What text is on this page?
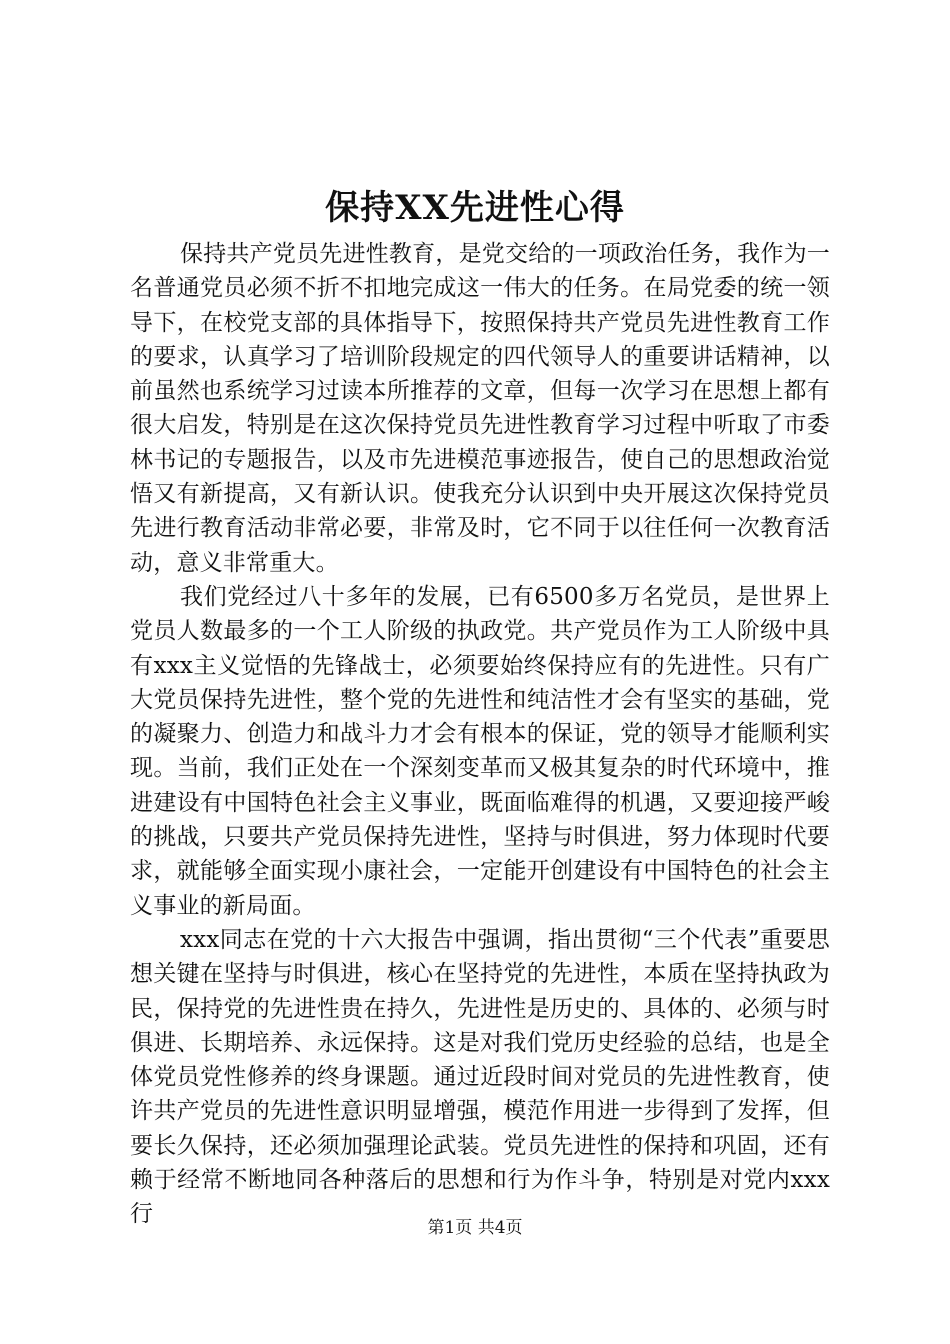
保持XX先进性心得

保持共产党员先进性教育，是党交给的一项政治任务，我作为一名普通党员必须不折不扣地完成这一伟大的任务。在局党委的统一领导下，在校党支部的具体指导下，按照保持共产党员先进性教育工作的要求，认真学习了培训阶段规定的四代领导人的重要讲话精神，以前虽然也系统学习过读本所推荐的文章，但每一次学习在思想上都有很大启发，特别是在这次保持党员先进性教育学习过程中听取了市委林书记的专题报告，以及市先进模范事迹报告，使自己的思想政治觉悟又有新提高，又有新认识。使我充分认识到中央开展这次保持党员先进行教育活动非常必要，非常及时，它不同于以往任何一次教育活动，意义非常重大。

我们党经过八十多年的发展，已有6500多万名党员，是世界上党员人数最多的一个工人阶级的执政党。共产党员作为工人阶级中具有xxx主义觉悟的先锋战士，必须要始终保持应有的先进性。只有广大党员保持先进性，整个党的先进性和纯洁性才会有坚实的基础，党的凝聚力、创造力和战斗力才会有根本的保证，党的领导才能顺利实现。当前，我们正处在一个深刻变革而又极其复杂的时代环境中，推进建设有中国特色社会主义事业，既面临难得的机遇，又要迎接严峻的挑战，只要共产党员保持先进性，坚持与时俱进，努力体现时代要求，就能够全面实现小康社会，一定能开创建设有中国特色的社会主义事业的新局面。

xxx同志在党的十六大报告中强调，指出贯彻“三个代表”重要思想关键在坚持与时俱进，核心在坚持党的先进性，本质在坚持执政为民，保持党的先进性贵在持久，先进性是历史的、具体的、必须与时俱进、长期培养、永远保持。这是对我们党历史经验的总结，也是全体党员党性修养的终身课题。通过近段时间对党员的先进性教育，使许共产党员的先进性意识明显增强，模范作用进一步得到了发挥，但要长久保持，还必须加强理论武装。党员先进性的保持和巩固，还有赖于经常不断地同各种落后的思想和行为作斗争，特别是对党内xxx行

第1页 共4页
